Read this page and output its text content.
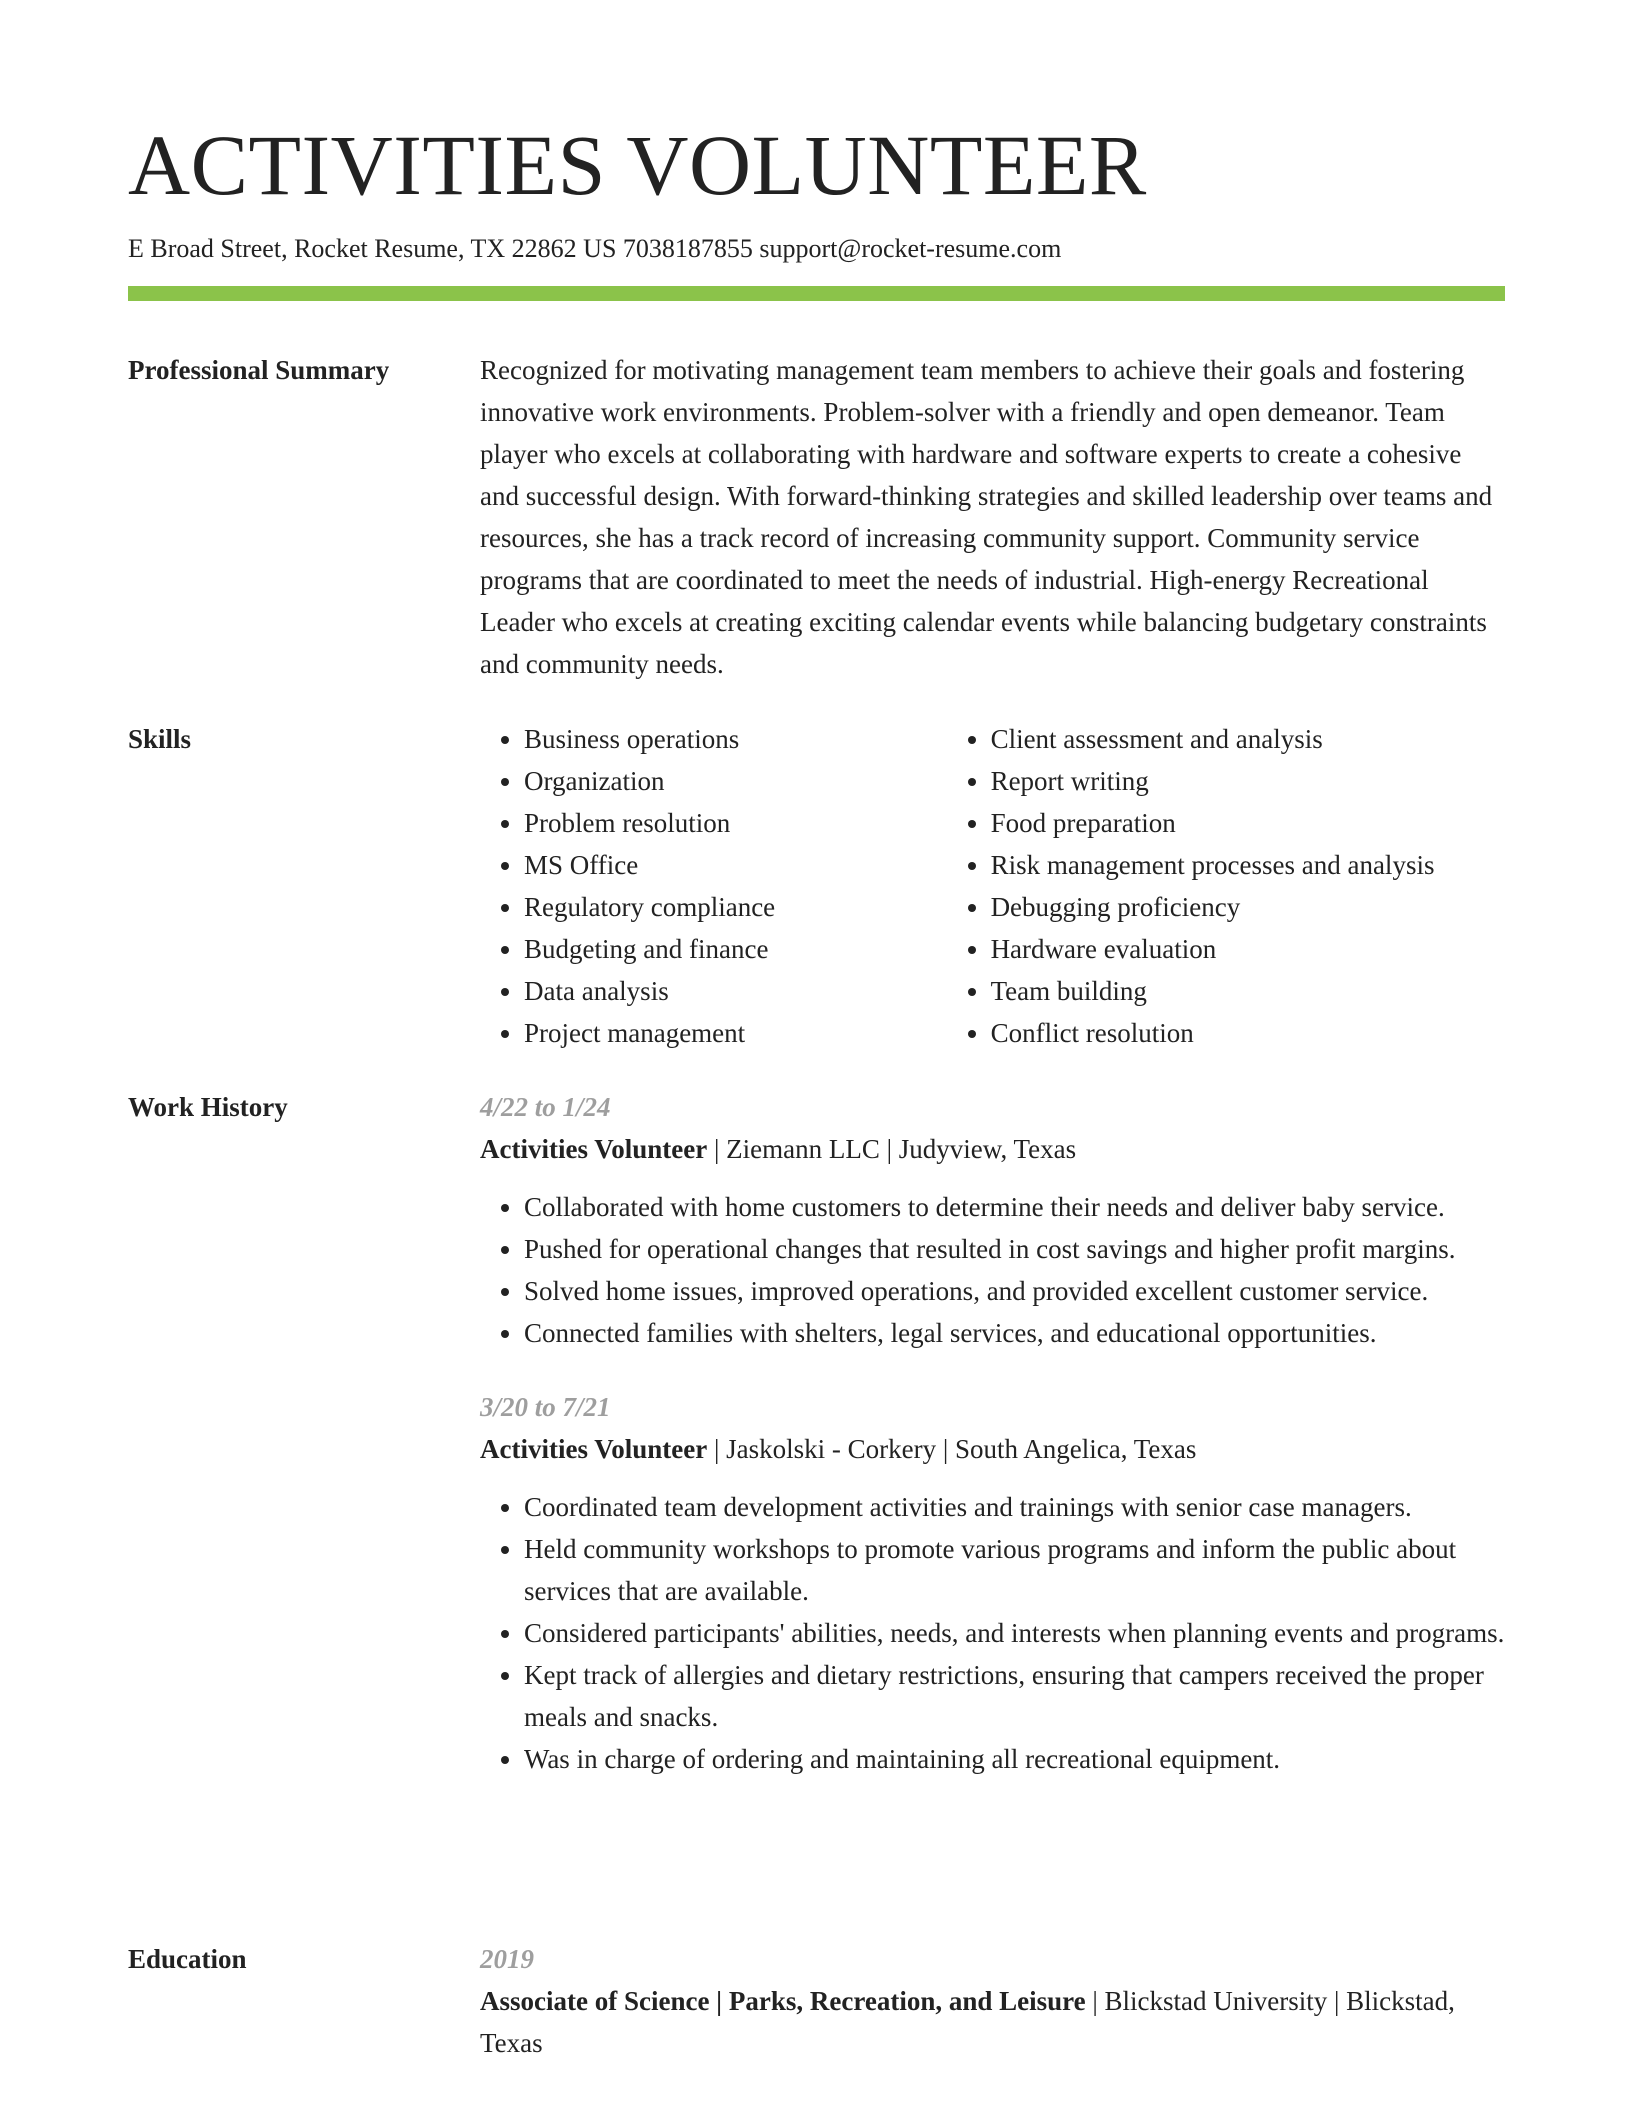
ACTIVITIES VOLUNTEER
E Broad Street, Rocket Resume, TX 22862 US 7038187855 support@rocket-resume.com
Professional Summary	Recognized for motivating management team members to achieve their goals and fostering innovative work environments. Problem-solver with a friendly and open demeanor. Team player who excels at collaborating with hardware and software experts to create a cohesive and successful design. With forward-thinking strategies and skilled leadership over teams and resources, she has a track record of increasing community support. Community service programs that are coordinated to meet the needs of industrial. High-energy Recreational Leader who excels at creating exciting calendar events while balancing budgetary constraints and community needs.

Skills
•	Business operations
• Organization
• Problem resolution
• MS Office
• Regulatory compliance
• Budgeting and finance
• Data analysis
• Project management
• Client assessment and analysis
• Report writing
• Food preparation
• Risk management processes and analysis
• Debugging proficiency
• Hardware evaluation
• Team building
• Conflict resolution
Work History	4/22 to 1/24
Activities Volunteer | Ziemann LLC | Judyview, Texas
• Collaborated with home customers to determine their needs and deliver baby service.
• Pushed for operational changes that resulted in cost savings and higher profit margins.
• Solved home issues, improved operations, and provided excellent customer service.
• Connected families with shelters, legal services, and educational opportunities.
3/20 to 7/21
Activities Volunteer | Jaskolski - Corkery | South Angelica, Texas
• Coordinated team development activities and trainings with senior case managers.
• Held community workshops to promote various programs and inform the public about services that are available.
• Considered participants' abilities, needs, and interests when planning events and programs.
• Kept track of allergies and dietary restrictions, ensuring that campers received the proper meals and snacks.
• Was in charge of ordering and maintaining all recreational equipment.
Education	2019
Associate of Science | Parks, Recreation, and Leisure | Blickstad University | Blickstad, Texas
